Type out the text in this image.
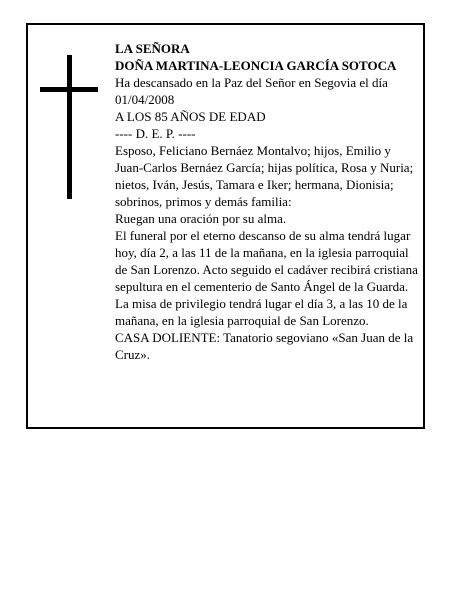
LA SEÑORA

DOÑA MARTINA-LEONCIA GARCÍA SOTOCA

Ha descansado en la Paz del Señor en Segovia el día 01/04/2008

A LOS 85 AÑOS DE EDAD

---- D. E. P. ----

Esposo, Feliciano Bernáez Montalvo; hijos, Emilio y Juan-Carlos Bernáez García; hijas política, Rosa y Nuria; nietos, Iván, Jesús, Tamara e Iker; hermana, Dionisia; sobrinos, primos y demás familia:

Ruegan una oración por su alma.

El funeral por el eterno descanso de su alma tendrá lugar hoy, día 2, a las 11 de la mañana, en la iglesia parroquial de San Lorenzo. Acto seguido el cadáver recibirá cristiana sepultura en el cementerio de Santo Ángel de la Guarda. La misa de privilegio tendrá lugar el día 3, a las 10 de la mañana, en la iglesia parroquial de San Lorenzo.

CASA DOLIENTE: Tanatorio segoviano «San Juan de la Cruz».
